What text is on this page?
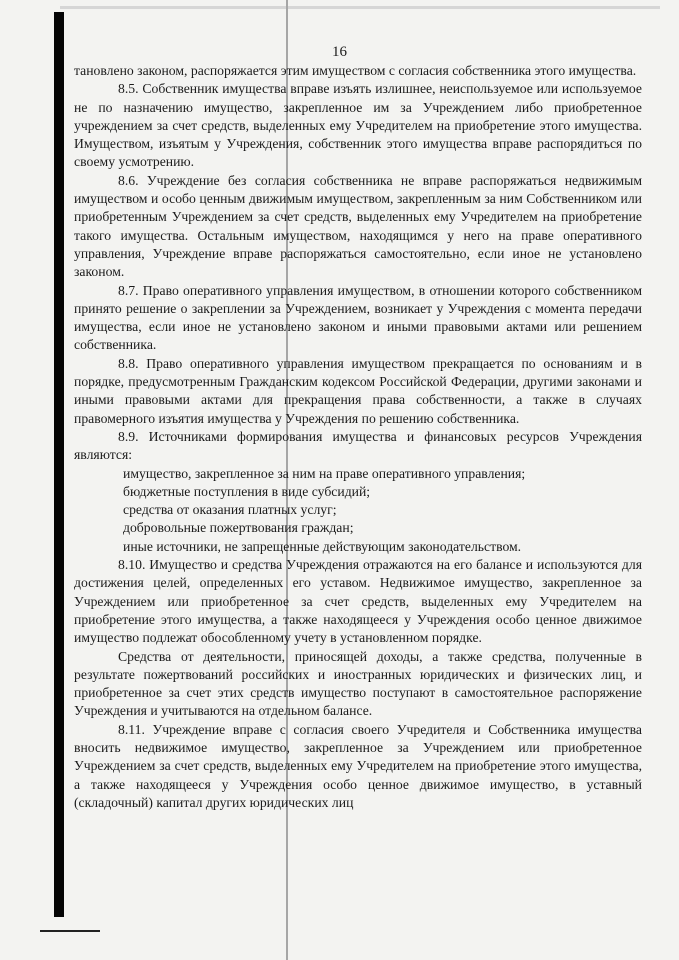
16

тановлено законом, распоряжается этим имуществом с согласия собственника этого имущества.

8.5. Собственник имущества вправе изъять излишнее, неиспользуемое или используемое не по назначению имущество, закрепленное им за Учреждением либо приобретенное учреждением за счет средств, выделенных ему Учредителем на приобретение этого имущества. Имуществом, изъятым у Учреждения, собственник этого имущества вправе распорядиться по своему усмотрению.

8.6. Учреждение без согласия собственника не вправе распоряжаться недвижимым имуществом и особо ценным движимым имуществом, закрепленным за ним Собственником или приобретенным Учреждением за счет средств, выделенных ему Учредителем на приобретение такого имущества. Остальным имуществом, находящимся у него на праве оперативного управления, Учреждение вправе распоряжаться самостоятельно, если иное не установлено законом.

8.7. Право оперативного управления имуществом, в отношении которого собственником принято решение о закреплении за Учреждением, возникает у Учреждения с момента передачи имущества, если иное не установлено законом и иными правовыми актами или решением собственника.

8.8. Право оперативного управления имуществом прекращается по основаниям и в порядке, предусмотренным Гражданским кодексом Российской Федерации, другими законами и иными правовыми актами для прекращения права собственности, а также в случаях правомерного изъятия имущества у Учреждения по решению собственника.

8.9. Источниками формирования имущества и финансовых ресурсов Учреждения являются:

имущество, закрепленное за ним на праве оперативного управления;
бюджетные поступления в виде субсидий;
средства от оказания платных услуг;
добровольные пожертвования граждан;
иные источники, не запрещенные действующим законодательством.

8.10. Имущество и средства Учреждения отражаются на его балансе и используются для достижения целей, определенных его уставом. Недвижимое имущество, закрепленное за Учреждением или приобретенное за счет средств, выделенных ему Учредителем на приобретение этого имущества, а также находящееся у Учреждения особо ценное движимое имущество подлежат обособленному учету в установленном порядке.

Средства от деятельности, приносящей доходы, а также средства, полученные в результате пожертвований российских и иностранных юридических и физических лиц, и приобретенное за счет этих средств имущество поступают в самостоятельное распоряжение Учреждения и учитываются на отдельном балансе.

8.11. Учреждение вправе с согласия своего Учредителя и Собственника имущества вносить недвижимое имущество, закрепленное за Учреждением или приобретенное Учреждением за счет средств, выделенных ему Учредителем на приобретение этого имущества, а также находящееся у Учреждения особо ценное движимое имущество, в уставный (складочный) капитал других юридических лиц
